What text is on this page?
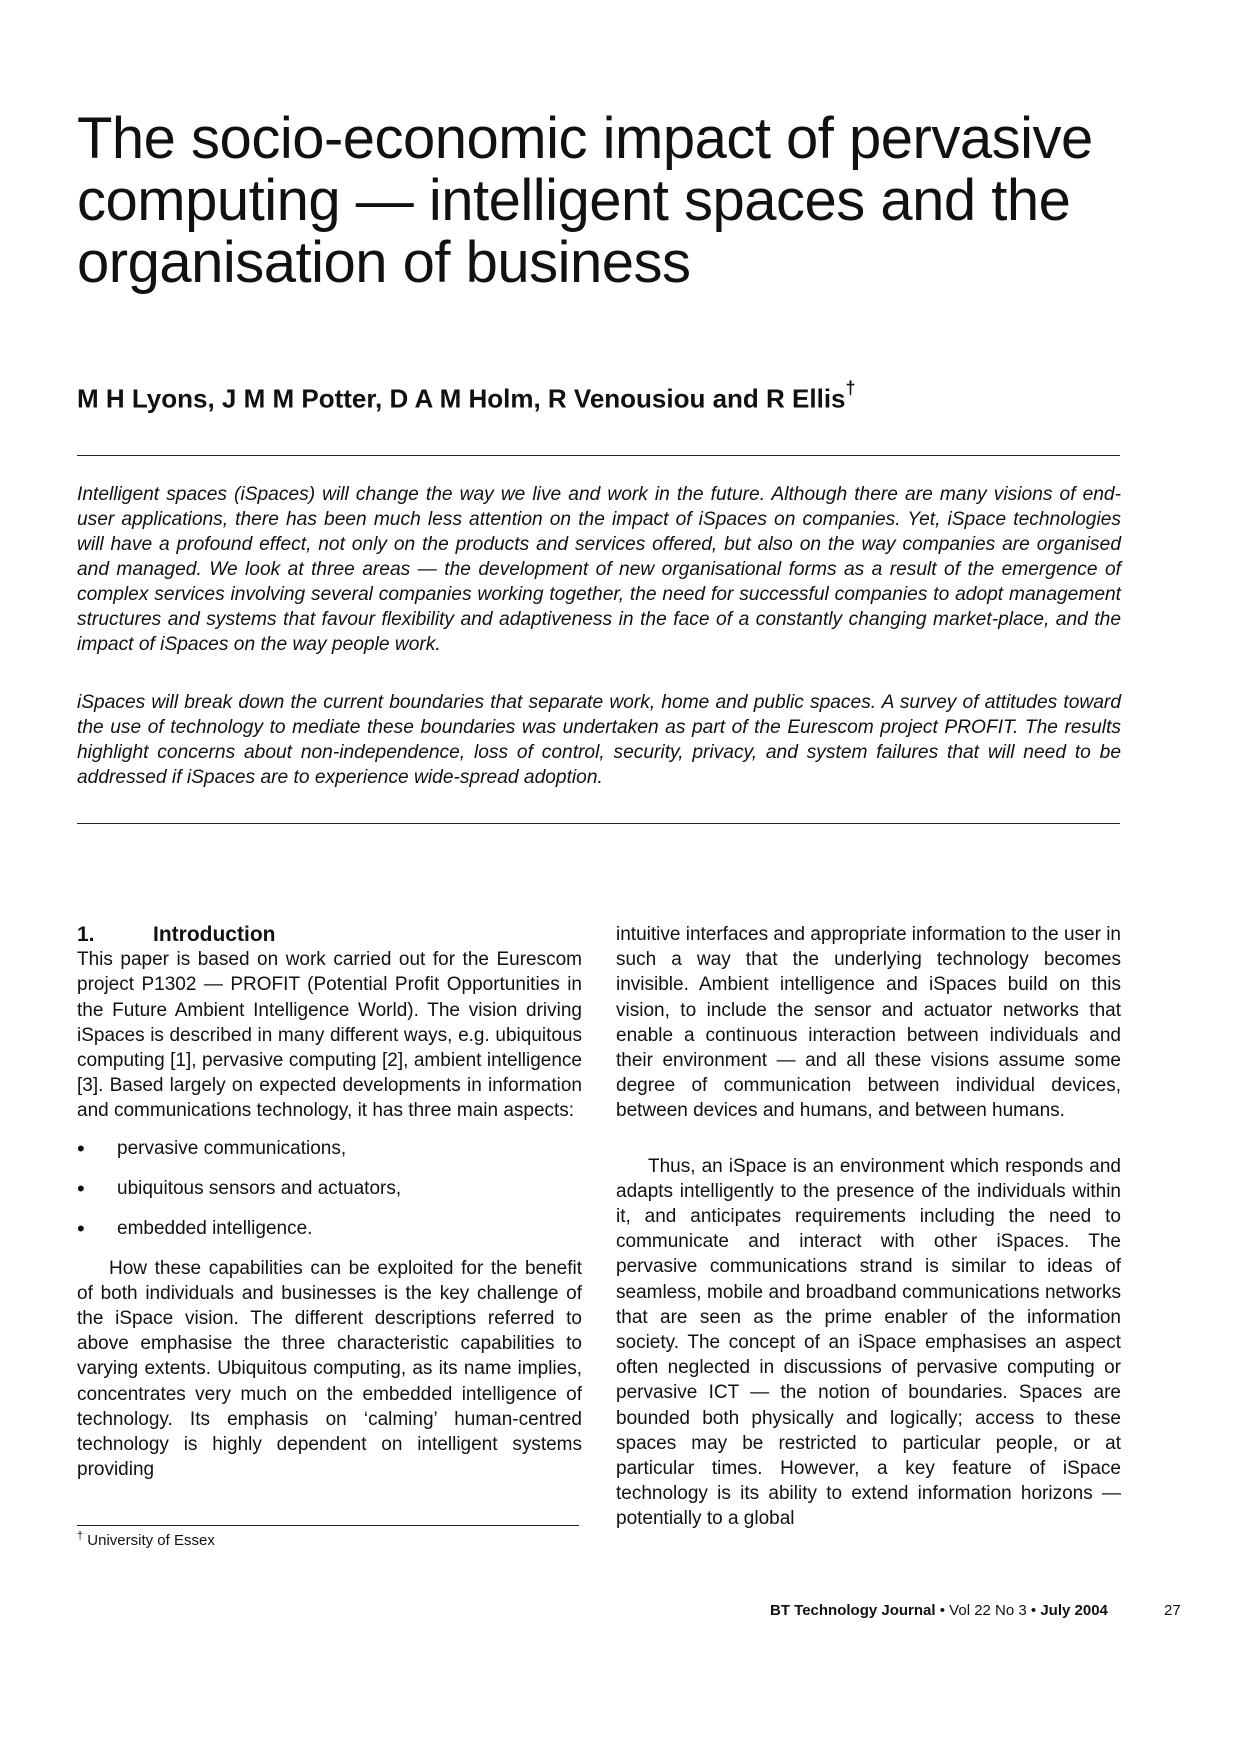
The socio-economic impact of pervasive computing — intelligent spaces and the organisation of business

M H Lyons, J M M Potter, D A M Holm, R Venousiou and R Ellis†

Intelligent spaces (iSpaces) will change the way we live and work in the future. Although there are many visions of end-user applications, there has been much less attention on the impact of iSpaces on companies. Yet, iSpace technologies will have a profound effect, not only on the products and services offered, but also on the way companies are organised and managed. We look at three areas — the development of new organisational forms as a result of the emergence of complex services involving several companies working together, the need for successful companies to adopt management structures and systems that favour flexibility and adaptiveness in the face of a constantly changing market-place, and the impact of iSpaces on the way people work.

iSpaces will break down the current boundaries that separate work, home and public spaces. A survey of attitudes toward the use of technology to mediate these boundaries was undertaken as part of the Eurescom project PROFIT. The results highlight concerns about non-independence, loss of control, security, privacy, and system failures that will need to be addressed if iSpaces are to experience wide-spread adoption.

1.	Introduction

This paper is based on work carried out for the Eurescom project P1302 — PROFIT (Potential Profit Opportunities in the Future Ambient Intelligence World). The vision driving iSpaces is described in many different ways, e.g. ubiquitous computing [1], pervasive computing [2], ambient intelligence [3]. Based largely on expected developments in information and communications technology, it has three main aspects:

• pervasive communications,
• ubiquitous sensors and actuators,
• embedded intelligence.

How these capabilities can be exploited for the benefit of both individuals and businesses is the key challenge of the iSpace vision. The different descriptions referred to above emphasise the three characteristic capabilities to varying extents. Ubiquitous computing, as its name implies, concentrates very much on the embedded intelligence of technology. Its emphasis on ‘calming’ human-centred technology is highly dependent on intelligent systems providing

intuitive interfaces and appropriate information to the user in such a way that the underlying technology becomes invisible. Ambient intelligence and iSpaces build on this vision, to include the sensor and actuator networks that enable a continuous interaction between individuals and their environment — and all these visions assume some degree of communication between individual devices, between devices and humans, and between humans.

Thus, an iSpace is an environment which responds and adapts intelligently to the presence of the individuals within it, and anticipates requirements including the need to communicate and interact with other iSpaces. The pervasive communications strand is similar to ideas of seamless, mobile and broadband communications networks that are seen as the prime enabler of the information society. The concept of an iSpace emphasises an aspect often neglected in discussions of pervasive computing or pervasive ICT — the notion of boundaries. Spaces are bounded both physically and logically; access to these spaces may be restricted to particular people, or at particular times. However, a key feature of iSpace technology is its ability to extend information horizons — potentially to a global

† University of Essex
BT Technology Journal • Vol 22 No 3 • July 2004	27
